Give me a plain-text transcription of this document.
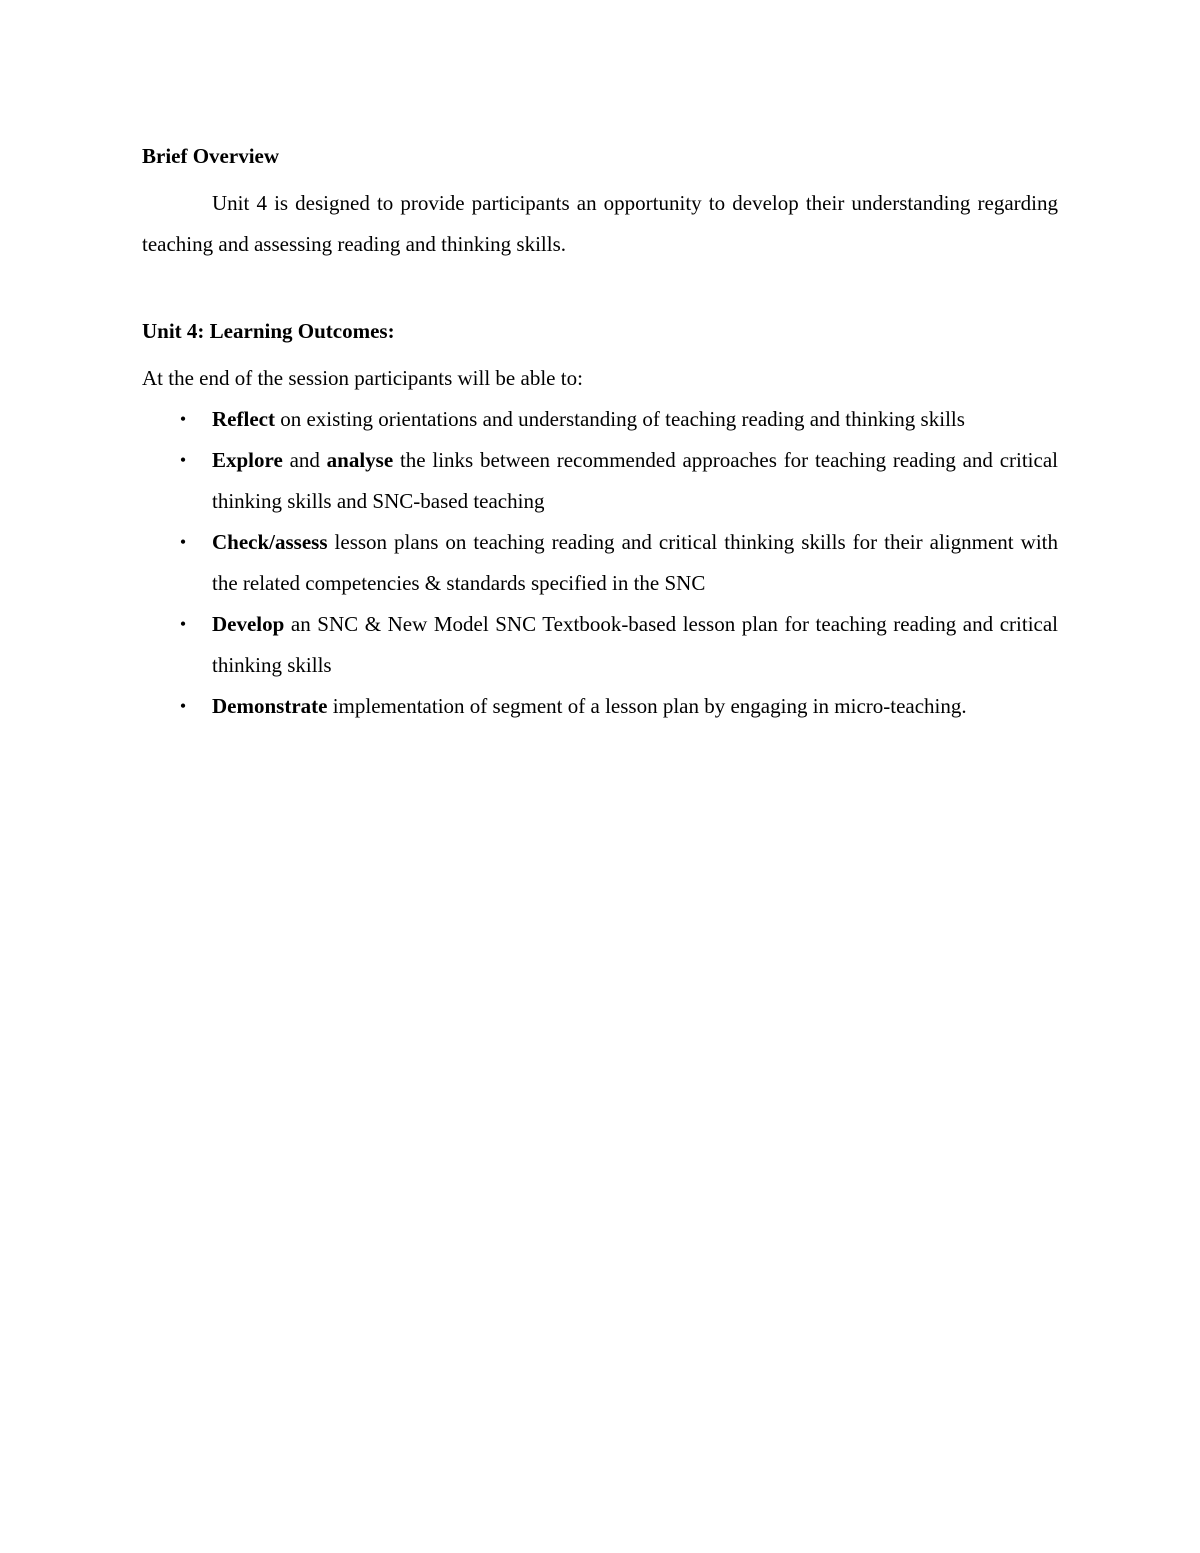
Brief Overview

Unit 4 is designed to provide participants an opportunity to develop their understanding regarding teaching and assessing reading and thinking skills.

Unit 4: Learning Outcomes:

At the end of the session participants will be able to:

•	Reflect on existing orientations and understanding of teaching reading and thinking skills
•	Explore and analyse the links between recommended approaches for teaching reading and critical thinking skills and SNC-based teaching
•	Check/assess lesson plans on teaching reading and critical thinking skills for their alignment with the related competencies & standards specified in the SNC
•	Develop an SNC & New Model SNC Textbook-based lesson plan for teaching reading and critical thinking skills
•	Demonstrate implementation of segment of a lesson plan by engaging in micro-teaching.
